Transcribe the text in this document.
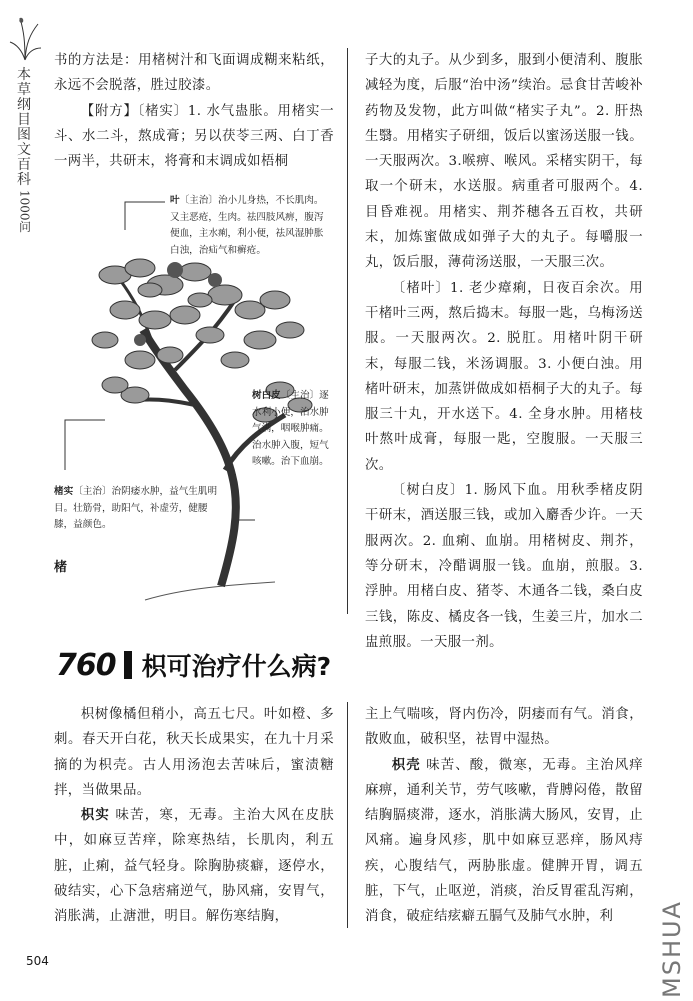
本
草
纲
目
图
文
百
科
1000问

书的方法是：用楮树汁和飞面调成糊来粘纸，永远不会脱落，胜过胶漆。

【附方】〔楮实〕1. 水气蛊胀。用楮实一斗、水二斗，熬成膏；另以茯苓三两、白丁香一两半，共研末，将膏和末调成如梧桐

叶〔主治〕治小儿身热，不长肌肉。又主恶疮，生肉。祛四肢风痹，腹泻便血，主水痢，利小便，祛风湿肿胀白浊，治疝气和癣疮。
树白皮〔主治〕逐水利小便，治水肿气满，咽喉肿痛。治水肿入腹，短气咳嗽。治下血崩。
楮实〔主治〕治阴痿水肿，益气生肌明目。壮筋骨，助阳气，补虚劳，健腰膝，益颜色。
楮

子大的丸子。从少到多，服到小便清利、腹胀减轻为度，后服“治中汤”续治。忌食甘苦峻补药物及发物，此方叫做“楮实子丸”。2. 肝热生翳。用楮实子研细，饭后以蜜汤送服一钱。一天服两次。3.喉痹、喉风。采楮实阴干，每取一个研末，水送服。病重者可服两个。4. 目昏难视。用楮实、荆芥穗各五百枚，共研末，加炼蜜做成如弹子大的丸子。每嚼服一丸，饭后服，薄荷汤送服，一天服三次。

〔楮叶〕1. 老少瘴痢，日夜百余次。用干楮叶三两，熬后捣末。每服一匙，乌梅汤送服。一天服两次。2. 脱肛。用楮叶阴干研末，每服二钱，米汤调服。3. 小便白浊。用楮叶研末，加蒸饼做成如梧桐子大的丸子。每服三十丸，开水送下。4. 全身水肿。用楮枝叶熬叶成膏，每服一匙，空腹服。一天服三次。

〔树白皮〕1. 肠风下血。用秋季楮皮阴干研末，酒送服三钱，或加入麝香少许。一天服两次。2. 血痢、血崩。用楮树皮、荆芥，等分研末，冷醋调服一钱。血崩，煎服。3. 浮肿。用楮白皮、猪苓、木通各二钱，桑白皮三钱，陈皮、橘皮各一钱，生姜三片，加水二盅煎服。一天服一剂。

760 枳可治疗什么病?

枳树像橘但稍小，高五七尺。叶如橙、多刺。春天开白花，秋天长成果实，在九十月采摘的为枳壳。古人用汤泡去苦味后，蜜渍糖拌，当做果品。

枳实 味苦，寒，无毒。主治大风在皮肤中，如麻豆苦痒，除寒热结，长肌肉，利五脏，止痢，益气轻身。除胸胁痰癖，逐停水，破结实，心下急痞痛逆气，胁风痛，安胃气，消胀满，止溏泄，明目。解伤寒结胸，

主上气喘咳，肾内伤冷，阴痿而有气。消食，散败血，破积坚，祛胃中湿热。

枳壳 味苦、酸，微寒，无毒。主治风痒麻痹，通利关节，劳气咳嗽，背膊闷倦，散留结胸膈痰滞，逐水，消胀满大肠风，安胃，止风痛。遍身风疹，肌中如麻豆恶痒，肠风痔疾，心腹结气，两胁胀虚。健脾开胃，调五脏，下气，止呕逆，消痰，治反胃霍乱泻痢，消食，破症结痃癖五膈气及肺气水肿，利

504	MSHUA
